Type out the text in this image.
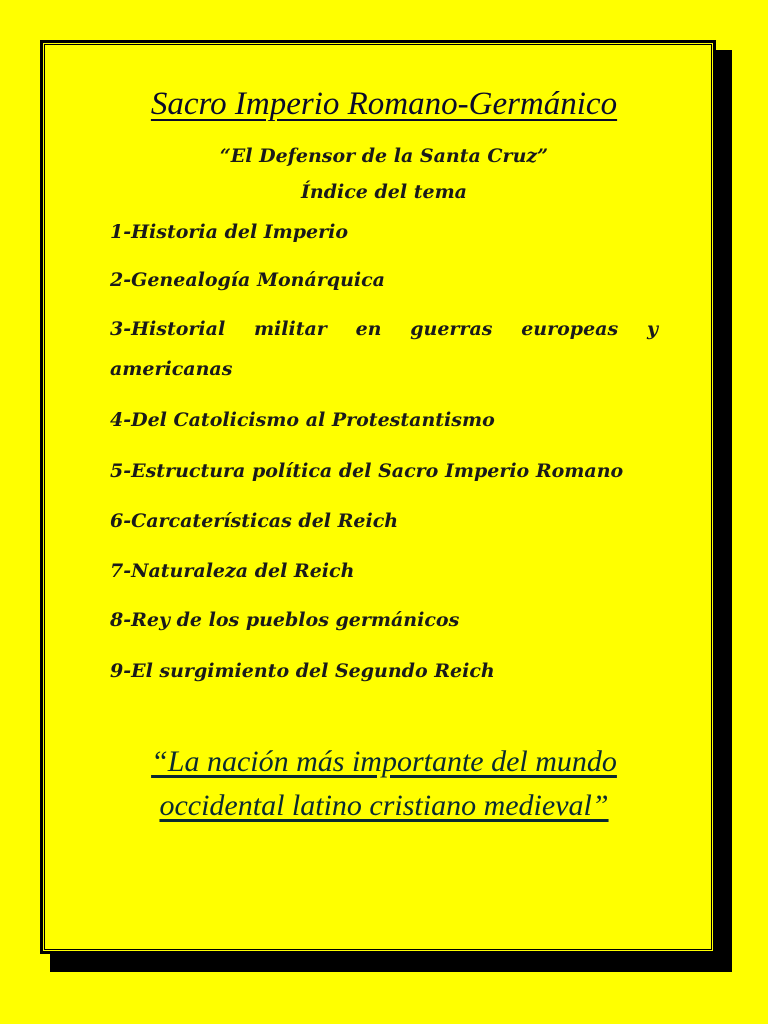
Sacro Imperio Romano-Germánico
“El Defensor de la Santa Cruz”
Índice del tema

1-Historia del Imperio

2-Genealogía Monárquica

3-Historial militar en guerras europeas y americanas

4-Del Catolicismo al Protestantismo

5-Estructura política del Sacro Imperio Romano

6-Carcaterísticas del Reich

7-Naturaleza del Reich

8-Rey de los pueblos germánicos

9-El surgimiento del Segundo Reich

“La nación más importante del mundo
occidental latino cristiano medieval”
